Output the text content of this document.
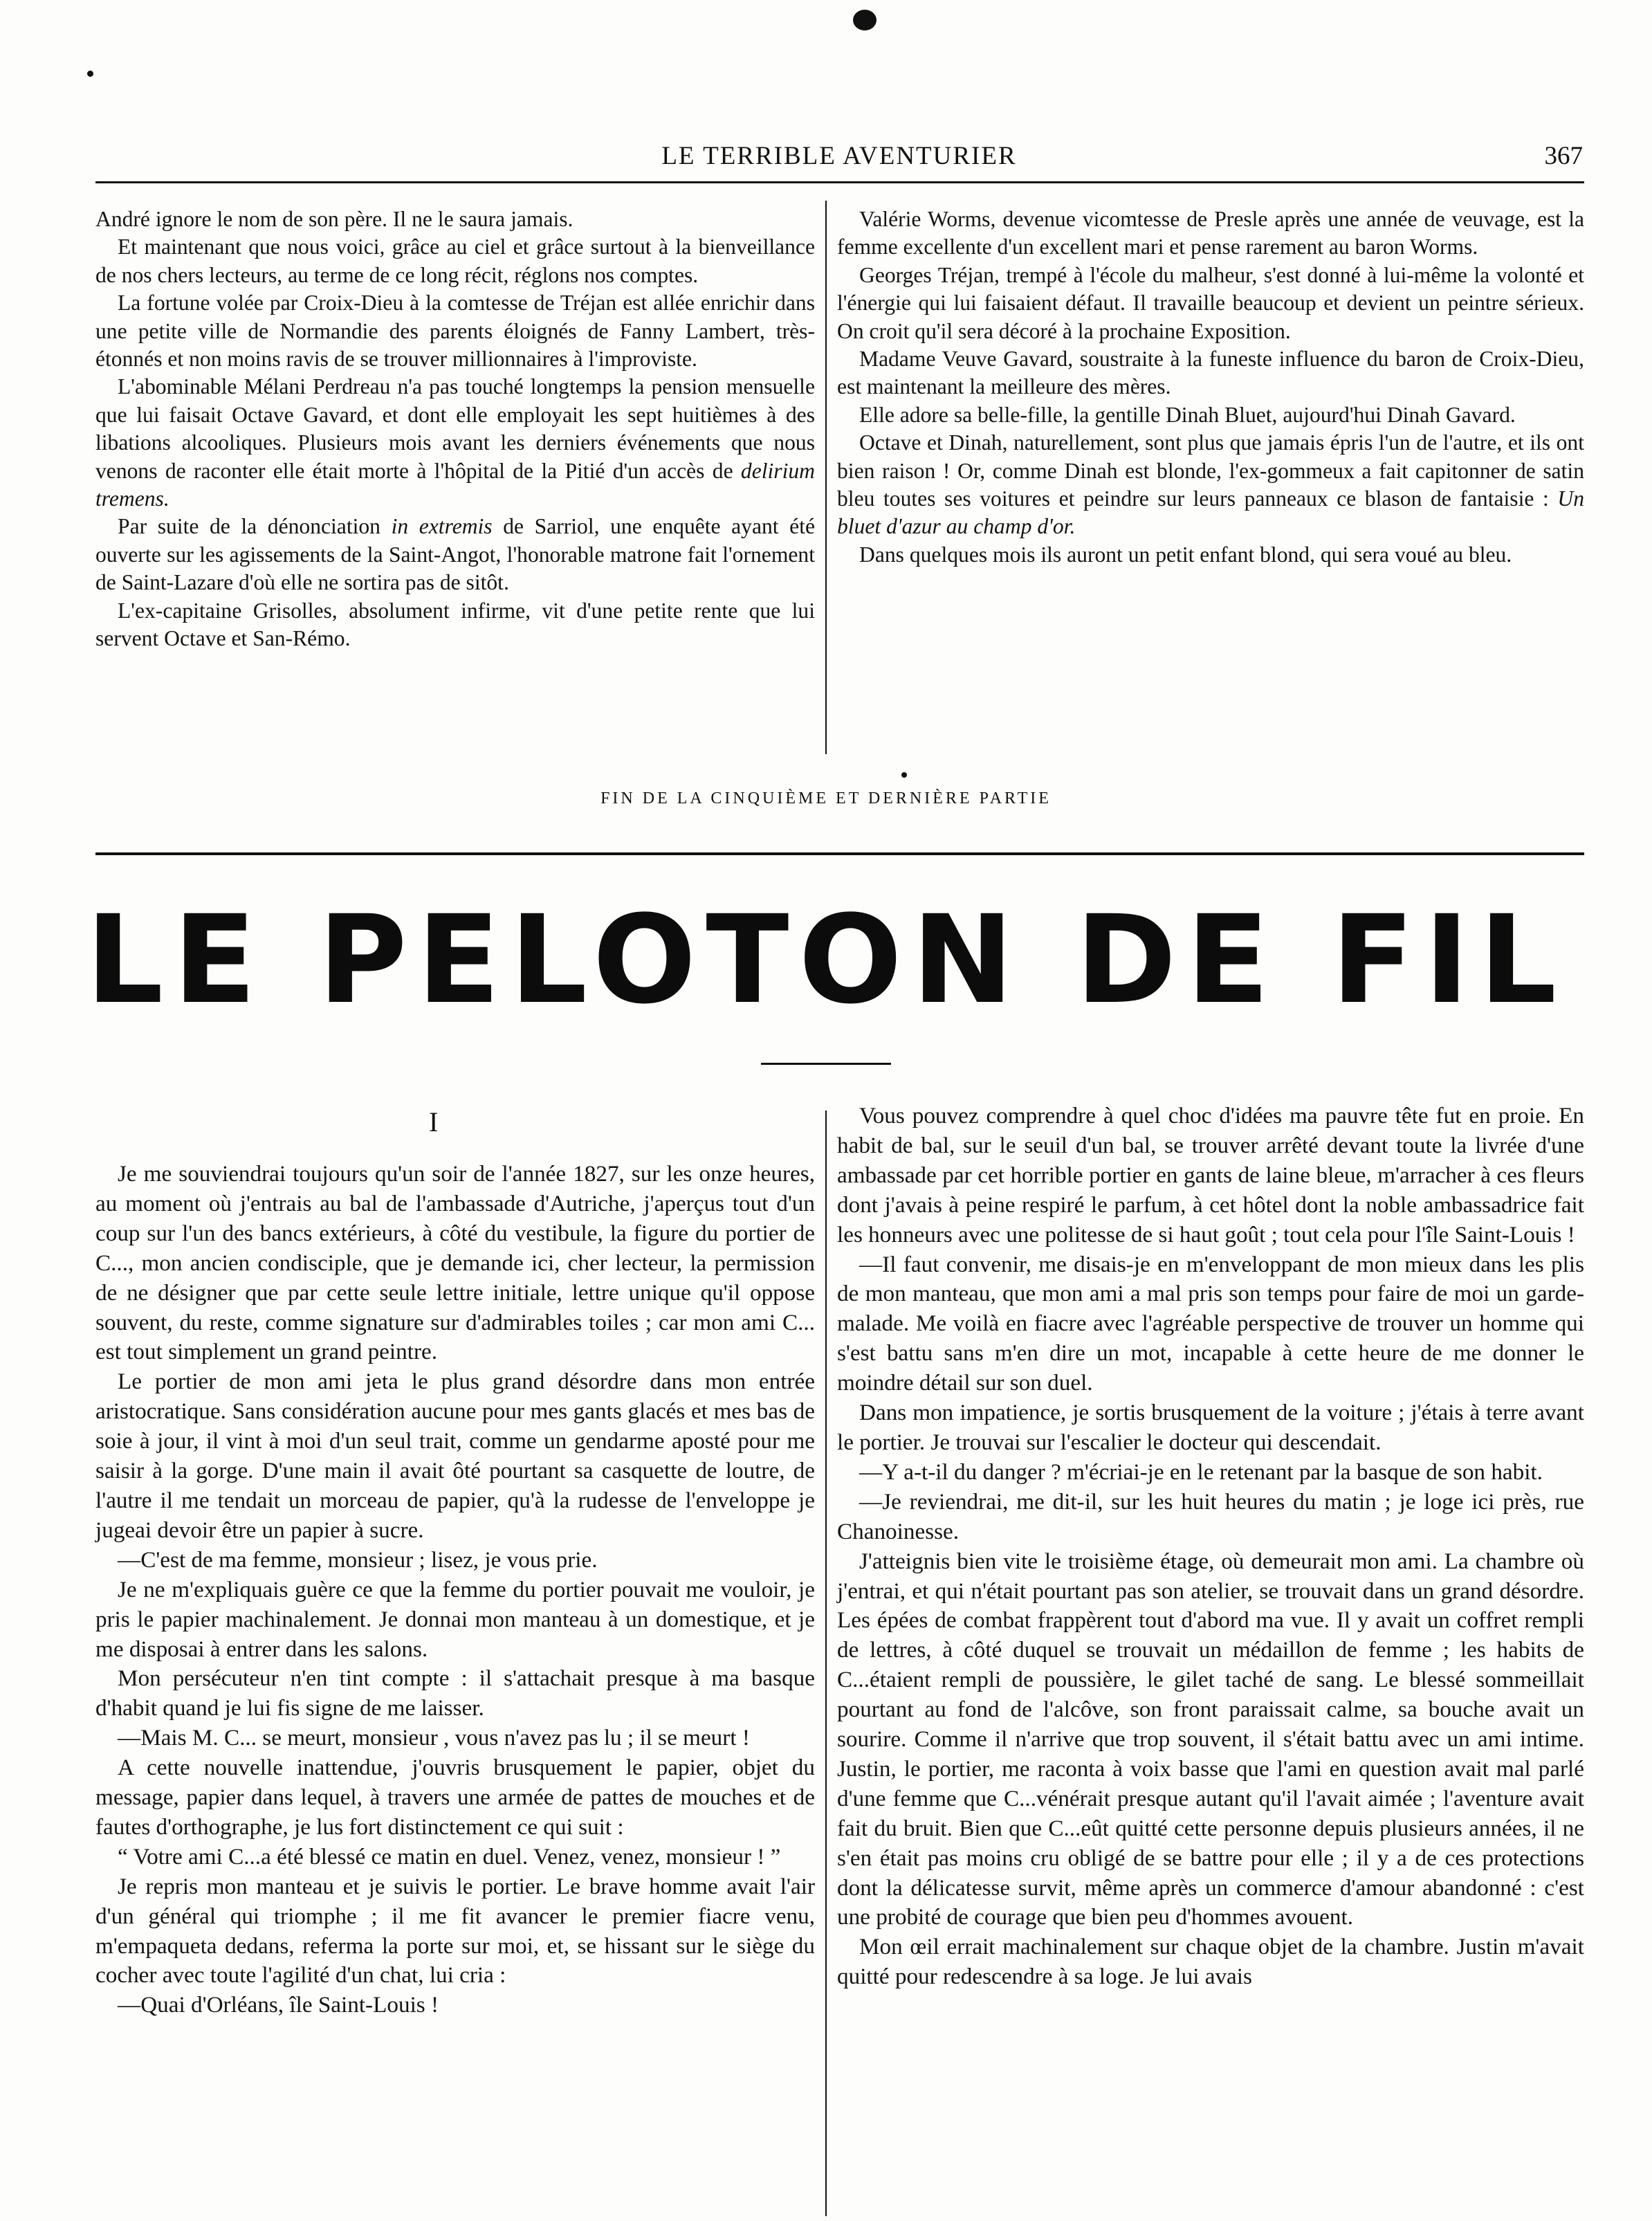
LE TERRIBLE AVENTURIER	367

André ignore le nom de son père. Il ne le saura jamais.

Et maintenant que nous voici, grâce au ciel et grâce surtout à la bienveillance de nos chers lecteurs, au terme de ce long récit, réglons nos comptes.

La fortune volée par Croix-Dieu à la comtesse de Tréjan est allée enrichir dans une petite ville de Normandie des parents éloignés de Fanny Lambert, très-étonnés et non moins ravis de se trouver millionnaires à l'improviste.

L'abominable Mélani Perdreau n'a pas touché longtemps la pension mensuelle que lui faisait Octave Gavard, et dont elle employait les sept huitièmes à des libations alcooliques. Plusieurs mois avant les derniers événements que nous venons de raconter elle était morte à l'hôpital de la Pitié d'un accès de delirium tremens.

Par suite de la dénonciation in extremis de Sarriol, une enquête ayant été ouverte sur les agissements de la Saint-Angot, l'honorable matrone fait l'ornement de Saint-Lazare d'où elle ne sortira pas de sitôt.

L'ex-capitaine Grisolles, absolument infirme, vit d'une petite rente que lui servent Octave et San-Rémo.

Valérie Worms, devenue vicomtesse de Presle après une année de veuvage, est la femme excellente d'un excellent mari et pense rarement au baron Worms.

Georges Tréjan, trempé à l'école du malheur, s'est donné à lui-même la volonté et l'énergie qui lui faisaient défaut. Il travaille beaucoup et devient un peintre sérieux. On croit qu'il sera décoré à la prochaine Exposition.

Madame Veuve Gavard, soustraite à la funeste influence du baron de Croix-Dieu, est maintenant la meilleure des mères.

Elle adore sa belle-fille, la gentille Dinah Bluet, aujourd'hui Dinah Gavard.

Octave et Dinah, naturellement, sont plus que jamais épris l'un de l'autre, et ils ont bien raison ! Or, comme Dinah est blonde, l'ex-gommeux a fait capitonner de satin bleu toutes ses voitures et peindre sur leurs panneaux ce blason de fantaisie : Un bluet d'azur au champ d'or.

Dans quelques mois ils auront un petit enfant blond, qui sera voué au bleu.

FIN DE LA CINQUIÈME ET DERNIÈRE PARTIE
LE PELOTON DE FIL
I

Je me souviendrai toujours qu'un soir de l'année 1827, sur les onze heures, au moment où j'entrais au bal de l'ambassade d'Autriche, j'aperçus tout d'un coup sur l'un des bancs extérieurs, à côté du vestibule, la figure du portier de C..., mon ancien condisciple, que je demande ici, cher lecteur, la permission de ne désigner que par cette seule lettre initiale, lettre unique qu'il oppose souvent, du reste, comme signature sur d'admirables toiles ; car mon ami C... est tout simplement un grand peintre.

Le portier de mon ami jeta le plus grand désordre dans mon entrée aristocratique. Sans considération aucune pour mes gants glacés et mes bas de soie à jour, il vint à moi d'un seul trait, comme un gendarme aposté pour me saisir à la gorge. D'une main il avait ôté pourtant sa casquette de loutre, de l'autre il me tendait un morceau de papier, qu'à la rudesse de l'enveloppe je jugeai devoir être un papier à sucre.

—C'est de ma femme, monsieur ; lisez, je vous prie.

Je ne m'expliquais guère ce que la femme du portier pouvait me vouloir, je pris le papier machinalement. Je donnai mon manteau à un domestique, et je me disposai à entrer dans les salons.

Mon persécuteur n'en tint compte : il s'attachait presque à ma basque d'habit quand je lui fis signe de me laisser.

—Mais M. C... se meurt, monsieur , vous n'avez pas lu ; il se meurt !

A cette nouvelle inattendue, j'ouvris brusquement le papier, objet du message, papier dans lequel, à travers une armée de pattes de mouches et de fautes d'orthographe, je lus fort distinctement ce qui suit :

“ Votre ami C...a été blessé ce matin en duel. Venez, venez, monsieur ! ”

Je repris mon manteau et je suivis le portier. Le brave homme avait l'air d'un général qui triomphe ; il me fit avancer le premier fiacre venu, m'empaqueta dedans, referma la porte sur moi, et, se hissant sur le siège du cocher avec toute l'agilité d'un chat, lui cria :

—Quai d'Orléans, île Saint-Louis !

Vous pouvez comprendre à quel choc d'idées ma pauvre tête fut en proie. En habit de bal, sur le seuil d'un bal, se trouver arrêté devant toute la livrée d'une ambassade par cet horrible portier en gants de laine bleue, m'arracher à ces fleurs dont j'avais à peine respiré le parfum, à cet hôtel dont la noble ambassadrice fait les honneurs avec une politesse de si haut goût ; tout cela pour l'île Saint-Louis !

—Il faut convenir, me disais-je en m'enveloppant de mon mieux dans les plis de mon manteau, que mon ami a mal pris son temps pour faire de moi un garde-malade. Me voilà en fiacre avec l'agréable perspective de trouver un homme qui s'est battu sans m'en dire un mot, incapable à cette heure de me donner le moindre détail sur son duel.

Dans mon impatience, je sortis brusquement de la voiture ; j'étais à terre avant le portier. Je trouvai sur l'escalier le docteur qui descendait.

—Y a-t-il du danger ? m'écriai-je en le retenant par la basque de son habit.

—Je reviendrai, me dit-il, sur les huit heures du matin ; je loge ici près, rue Chanoinesse.

J'atteignis bien vite le troisième étage, où demeurait mon ami. La chambre où j'entrai, et qui n'était pourtant pas son atelier, se trouvait dans un grand désordre. Les épées de combat frappèrent tout d'abord ma vue. Il y avait un coffret rempli de lettres, à côté duquel se trouvait un médaillon de femme ; les habits de C...étaient rempli de poussière, le gilet taché de sang. Le blessé sommeillait pourtant au fond de l'alcôve, son front paraissait calme, sa bouche avait un sourire. Comme il n'arrive que trop souvent, il s'était battu avec un ami intime. Justin, le portier, me raconta à voix basse que l'ami en question avait mal parlé d'une femme que C...vénérait presque autant qu'il l'avait aimée ; l'aventure avait fait du bruit. Bien que C...eût quitté cette personne depuis plusieurs années, il ne s'en était pas moins cru obligé de se battre pour elle ; il y a de ces protections dont la délicatesse survit, même après un commerce d'amour abandonné : c'est une probité de courage que bien peu d'hommes avouent.

Mon œil errait machinalement sur chaque objet de la chambre. Justin m'avait quitté pour redescendre à sa loge. Je lui avais
